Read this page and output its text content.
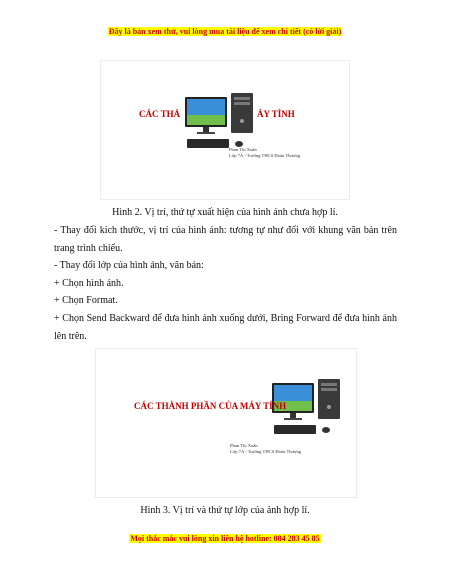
Đây là bản xem thử, vui lòng mua tài liệu để xem chi tiết (có lời giải)
CÁC THẢ	ÁY TÍNH
Phan Thị Xuân
Lớp 7A - Trường THCS Đoàn Thượng
Hình 2. Vị trí, thứ tự xuất hiện của hình ảnh chưa hợp lí.
- Thay đổi kích thước, vị trí của hình ảnh: tương tự như đối với khung văn bản trên trang trình chiếu.
- Thay đổi lớp của hình ảnh, văn bản:
+ Chọn hình ảnh.
+ Chọn Format.
+ Chọn Send Backward để đưa hình ảnh xuống dưới, Bring Forward để đưa hình ảnh lên trên.
CÁC THÀNH PHẦN CỦA MÁY TÍNH
Phan Thị Xuân
Lớp 7A - Trường THCS Đoàn Thượng
Hình 3. Vị trí và thứ tự lớp của ảnh hợp lí.
Mọi thắc mắc vui lòng xin liên hệ hotline: 084 283 45 85
